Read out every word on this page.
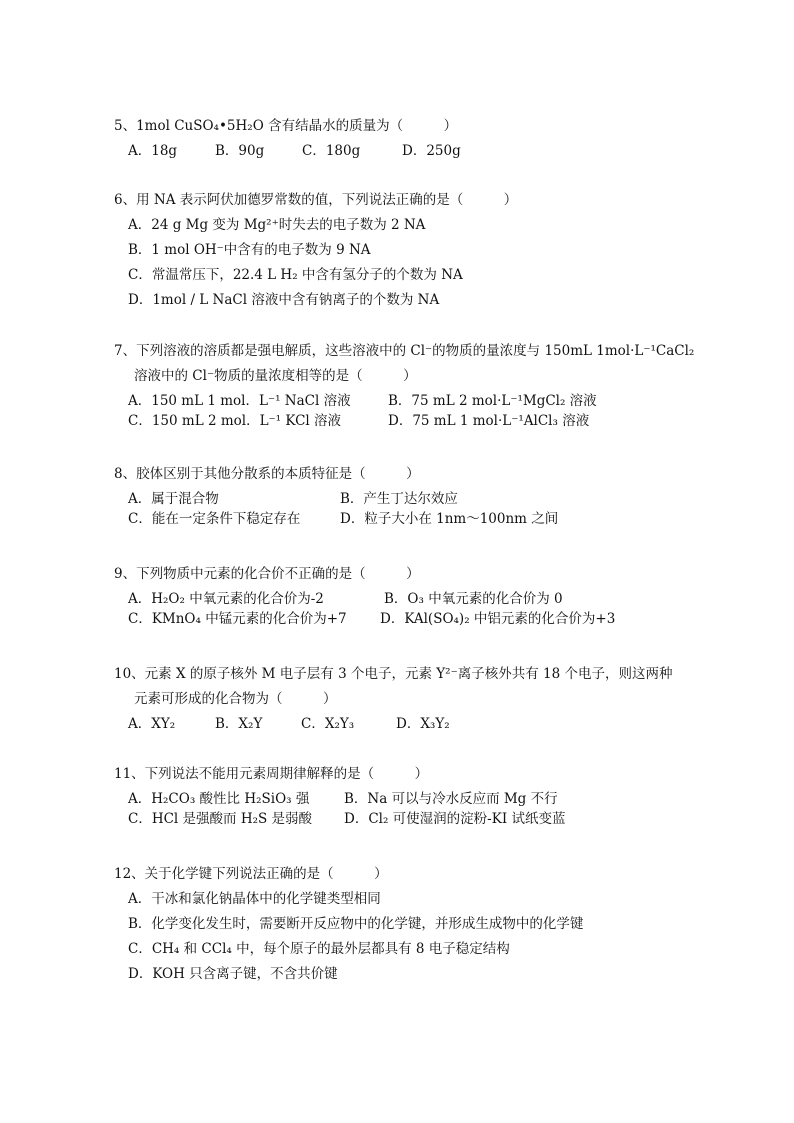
5、1mol CuSO₄•5H₂O 含有结晶水的质量为（　　　）
A．18g	B．90g	C．180g	D．250g
6、用 NA 表示阿伏加德罗常数的值，下列说法正确的是（　　　）
A．24 g Mg 变为 Mg²⁺时失去的电子数为 2 NA
B．1 mol OH⁻中含有的电子数为 9 NA
C．常温常压下，22.4 L H₂ 中含有氢分子的个数为 NA
D．1mol / L NaCl 溶液中含有钠离子的个数为 NA
7、下列溶液的溶质都是强电解质，这些溶液中的 Cl⁻的物质的量浓度与 150mL 1mol·L⁻¹CaCl₂
溶液中的 Cl⁻物质的量浓度相等的是（　　　）
A．150 mL 1 mol．L⁻¹ NaCl 溶液	B．75 mL 2 mol·L⁻¹MgCl₂ 溶液
C．150 mL 2 mol．L⁻¹ KCl 溶液	D．75 mL 1 mol·L⁻¹AlCl₃ 溶液
8、胶体区别于其他分散系的本质特征是（　　　）
A．属于混合物	B．产生丁达尔效应
C．能在一定条件下稳定存在	D．粒子大小在 1nm～100nm 之间
9、下列物质中元素的化合价不正确的是（　　　）
A．H₂O₂ 中氧元素的化合价为-2	B．O₃ 中氧元素的化合价为 0
C．KMnO₄ 中锰元素的化合价为+7	D．KAl(SO₄)₂ 中铝元素的化合价为+3
10、元素 X 的原子核外 M 电子层有 3 个电子，元素 Y²⁻离子核外共有 18 个电子，则这两种
元素可形成的化合物为（　　　）
A．XY₂	B．X₂Y	C．X₂Y₃	D．X₃Y₂
11、下列说法不能用元素周期律解释的是（　　　）
A．H₂CO₃ 酸性比 H₂SiO₃ 强	B．Na 可以与冷水反应而 Mg 不行
C．HCl 是强酸而 H₂S 是弱酸	D．Cl₂ 可使湿润的淀粉-KI 试纸变蓝
12、关于化学键下列说法正确的是（　　　）
A．干冰和氯化钠晶体中的化学键类型相同
B．化学变化发生时，需要断开反应物中的化学键，并形成生成物中的化学键
C．CH₄ 和 CCl₄ 中，每个原子的最外层都具有 8 电子稳定结构
D．KOH 只含离子键，不含共价键
